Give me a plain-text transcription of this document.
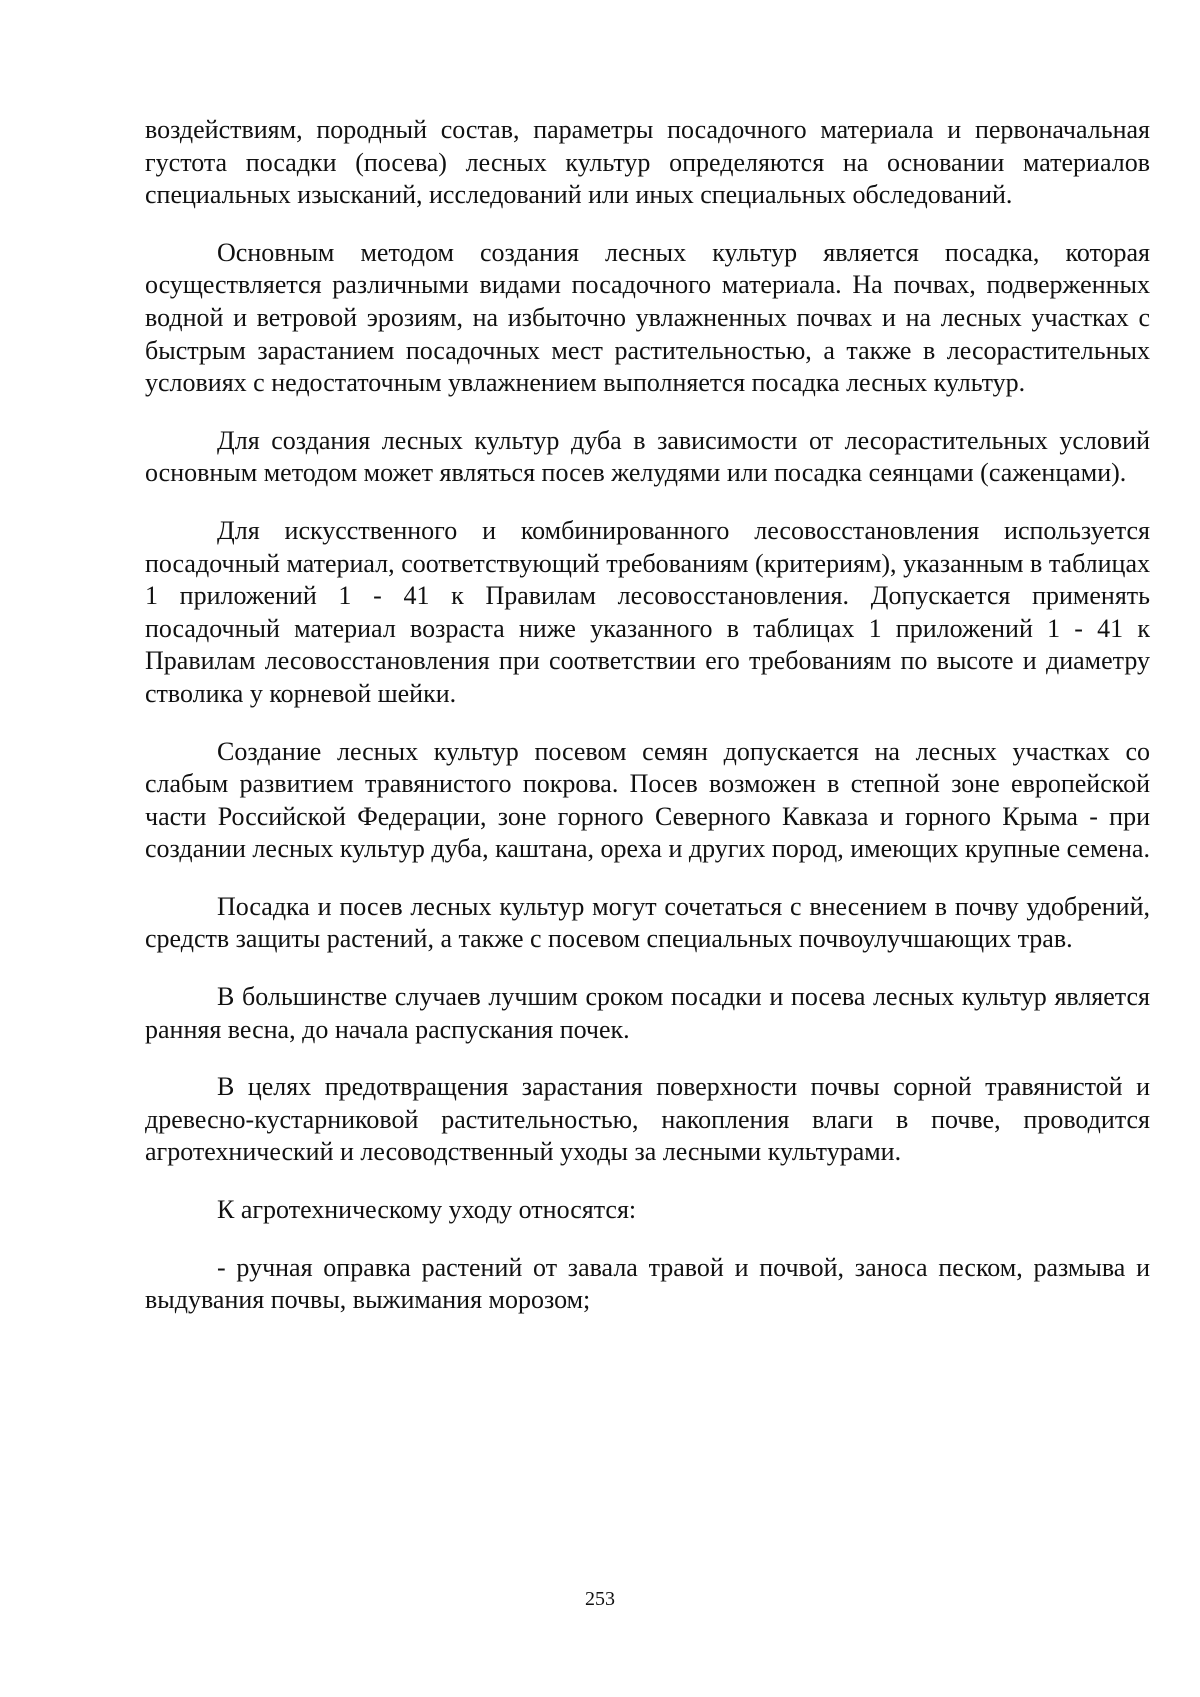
воздействиям, породный состав, параметры посадочного материала и первоначальная густота посадки (посева) лесных культур определяются на основании материалов специальных изысканий, исследований или иных специальных обследований.

Основным методом создания лесных культур является посадка, которая осуществляется различными видами посадочного материала. На почвах, подверженных водной и ветровой эрозиям, на избыточно увлажненных почвах и на лесных участках с быстрым зарастанием посадочных мест растительностью, а также в лесорастительных условиях с недостаточным увлажнением выполняется посадка лесных культур.

Для создания лесных культур дуба в зависимости от лесорастительных условий основным методом может являться посев желудями или посадка сеянцами (саженцами).

Для искусственного и комбинированного лесовосстановления используется посадочный материал, соответствующий требованиям (критериям), указанным в таблицах 1 приложений 1 - 41 к Правилам лесовосстановления. Допускается применять посадочный материал возраста ниже указанного в таблицах 1 приложений 1 - 41 к Правилам лесовосстановления при соответствии его требованиям по высоте и диаметру стволика у корневой шейки.

Создание лесных культур посевом семян допускается на лесных участках со слабым развитием травянистого покрова. Посев возможен в степной зоне европейской части Российской Федерации, зоне горного Северного Кавказа и горного Крыма - при создании лесных культур дуба, каштана, ореха и других пород, имеющих крупные семена.

Посадка и посев лесных культур могут сочетаться с внесением в почву удобрений, средств защиты растений, а также с посевом специальных почвоулучшающих трав.

В большинстве случаев лучшим сроком посадки и посева лесных культур является ранняя весна, до начала распускания почек.

В целях предотвращения зарастания поверхности почвы сорной травянистой и древесно-кустарниковой растительностью, накопления влаги в почве, проводится агротехнический и лесоводственный уходы за лесными культурами.

К агротехническому уходу относятся:

- ручная оправка растений от завала травой и почвой, заноса песком, размыва и выдувания почвы, выжимания морозом;

253
